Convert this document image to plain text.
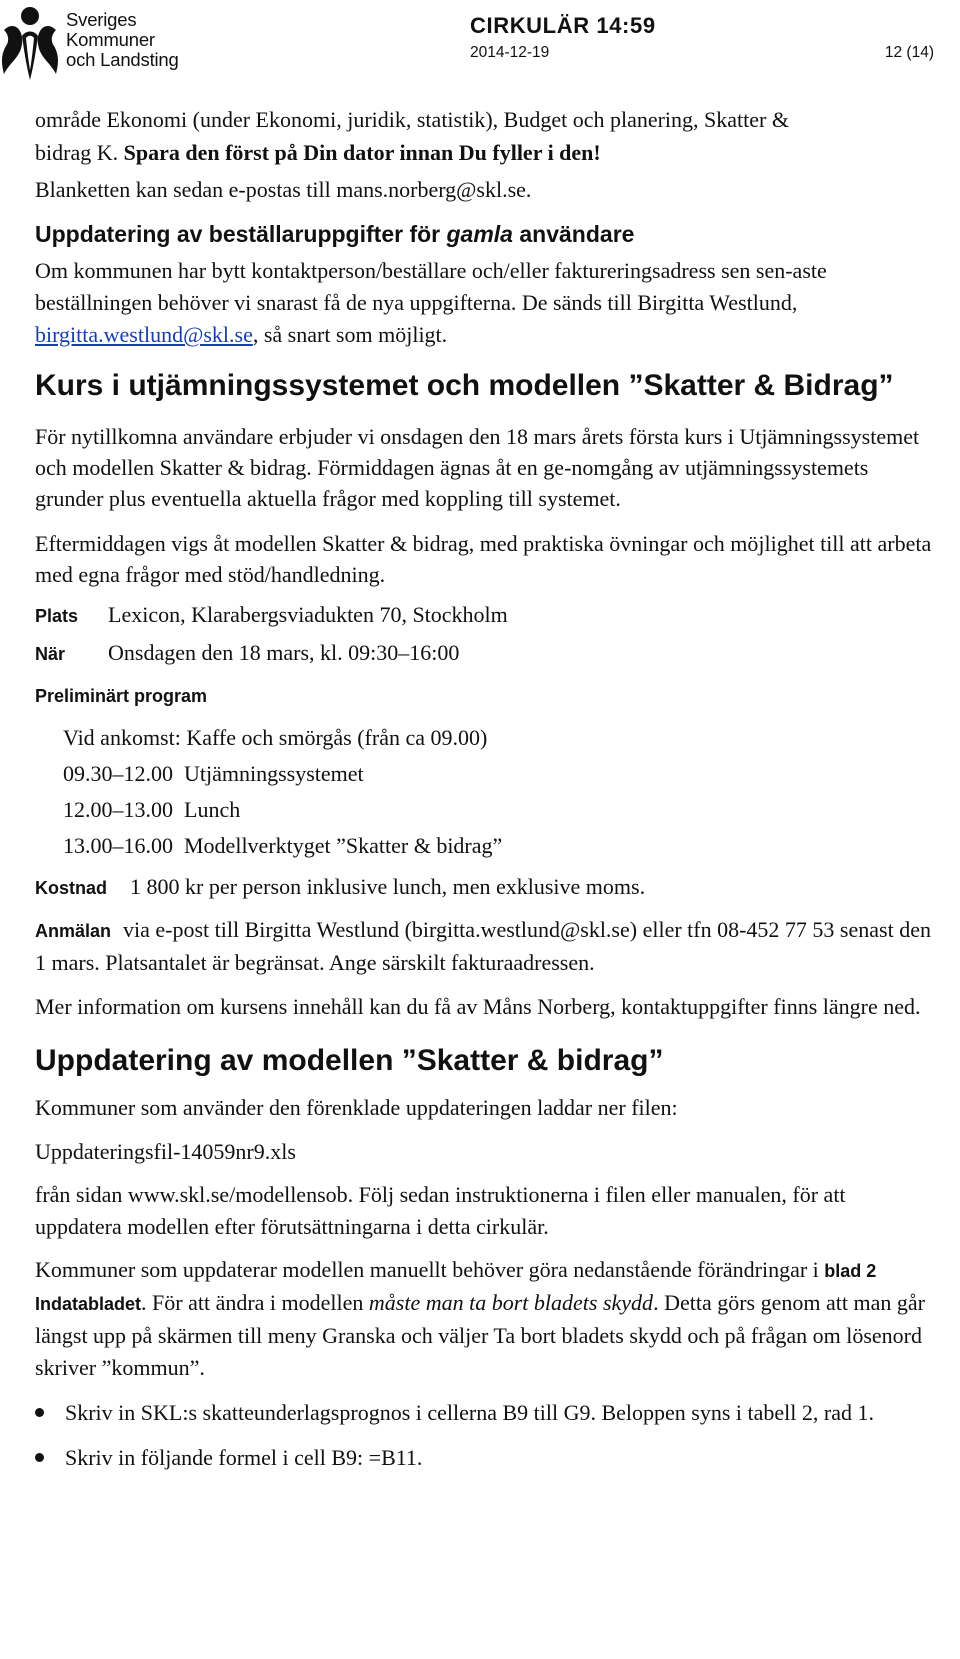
Sveriges
Kommuner
och Landsting
CIRKULÄR 14:59
2014-12-19	12 (14)

område Ekonomi (under Ekonomi, juridik, statistik), Budget och planering, Skatter &

bidrag K. Spara den först på Din dator innan Du fyller i den!

Blanketten kan sedan e-postas till mans.norberg@skl.se.

Uppdatering av beställaruppgifter för gamla användare

Om kommunen har bytt kontaktperson/beställare och/eller faktureringsadress sen sen-aste beställningen behöver vi snarast få de nya uppgifterna. De sänds till Birgitta Westlund, birgitta.westlund@skl.se, så snart som möjligt.

Kurs i utjämningssystemet och modellen ”Skatter & Bidrag”

För nytillkomna användare erbjuder vi onsdagen den 18 mars årets första kurs i Utjämningssystemet och modellen Skatter & bidrag. Förmiddagen ägnas åt en ge-nomgång av utjämningssystemets grunder plus eventuella aktuella frågor med koppling till systemet.

Eftermiddagen vigs åt modellen Skatter & bidrag, med praktiska övningar och möjlighet till att arbeta med egna frågor med stöd/handledning.

Plats	Lexicon, Klarabergsviadukten 70, Stockholm
När	Onsdagen den 18 mars, kl. 09:30–16:00
Preliminärt program
Vid ankomst: Kaffe och smörgås (från ca 09.00)
09.30–12.00 Utjämningssystemet
12.00–13.00 Lunch
13.00–16.00 Modellverktyget ”Skatter & bidrag”
Kostnad	1 800 kr per person inklusive lunch, men exklusive moms.

Anmälan via e-post till Birgitta Westlund (birgitta.westlund@skl.se) eller tfn 08-452 77 53 senast den 1 mars. Platsantalet är begränsat. Ange särskilt fakturaadressen.

Mer information om kursens innehåll kan du få av Måns Norberg, kontaktuppgifter finns längre ned.

Uppdatering av modellen ”Skatter & bidrag”

Kommuner som använder den förenklade uppdateringen laddar ner filen:

Uppdateringsfil-14059nr9.xls

från sidan www.skl.se/modellensob. Följ sedan instruktionerna i filen eller manualen, för att uppdatera modellen efter förutsättningarna i detta cirkulär.

Kommuner som uppdaterar modellen manuellt behöver göra nedanstående förändringar i blad 2 Indatabladet. För att ändra i modellen måste man ta bort bladets skydd. Detta görs genom att man går längst upp på skärmen till meny Granska och väljer Ta bort bladets skydd och på frågan om lösenord skriver ”kommun”.

Skriv in SKL:s skatteunderlagsprognos i cellerna B9 till G9. Beloppen syns i tabell 2, rad 1.
Skriv in följande formel i cell B9: =B11.
